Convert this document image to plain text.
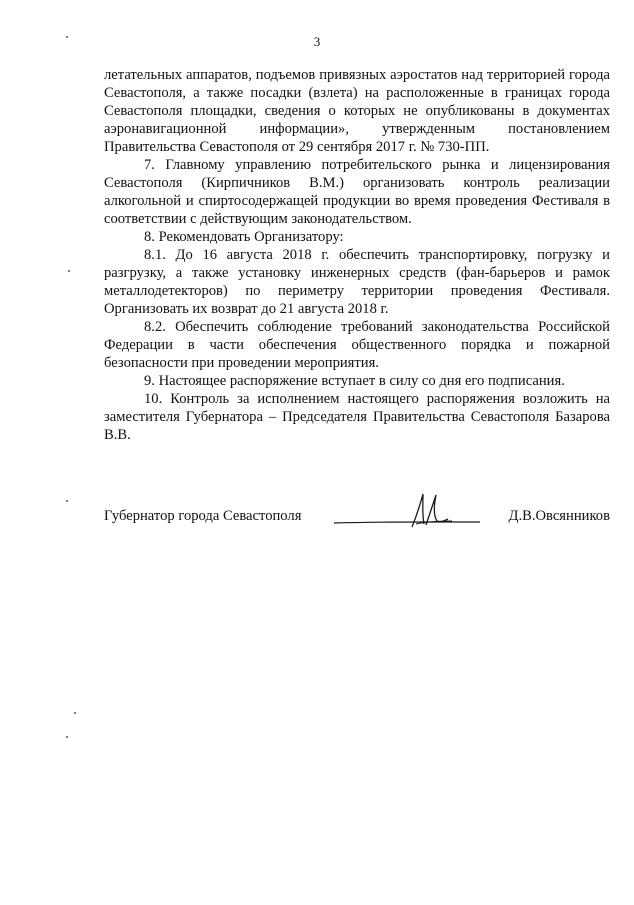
3

летательных аппаратов, подъемов привязных аэростатов над территорией города Севастополя, а также посадки (взлета) на расположенные в границах города Севастополя площадки, сведения о которых не опубликованы в документах аэронавигационной информации», утвержденным постановлением Правительства Севастополя от 29 сентября 2017 г. № 730-ПП.

7. Главному управлению потребительского рынка и лицензирования Севастополя (Кирпичников В.М.) организовать контроль реализации алкогольной и спиртосодержащей продукции во время проведения Фестиваля в соответствии с действующим законодательством.

8. Рекомендовать Организатору:

8.1. До 16 августа 2018 г. обеспечить транспортировку, погрузку и разгрузку, а также установку инженерных средств (фан-барьеров и рамок металлодетекторов) по периметру территории проведения Фестиваля. Организовать их возврат до 21 августа 2018 г.

8.2. Обеспечить соблюдение требований законодательства Российской Федерации в части обеспечения общественного порядка и пожарной безопасности при проведении мероприятия.

9. Настоящее распоряжение вступает в силу со дня его подписания.

10. Контроль за исполнением настоящего распоряжения возложить на заместителя Губернатора – Председателя Правительства Севастополя Базарова В.В.

Губернатор города Севастополя	Д.В.Овсянников
